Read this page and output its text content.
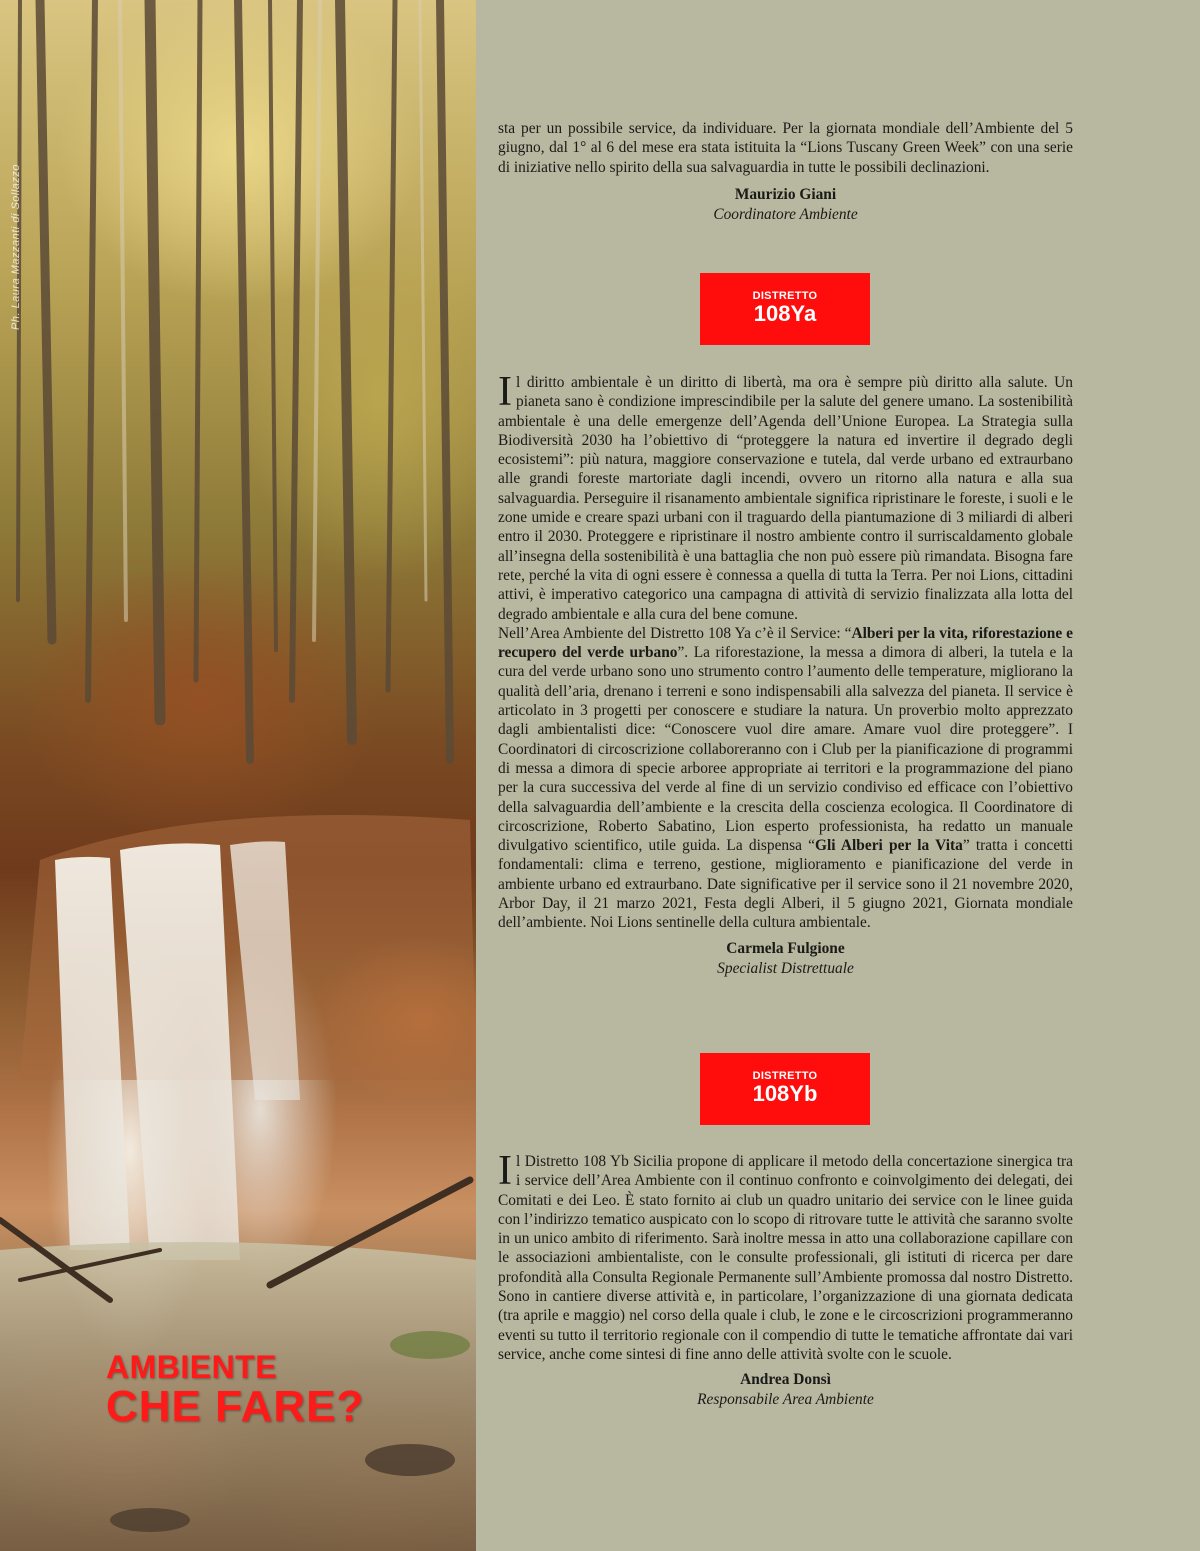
Ph. Laura Mazzanti di Sollazzo
AMBIENTE
CHE FARE?

sta per un possibile service, da individuare. Per la giornata mondiale dell’Ambiente del 5 giugno, dal 1° al 6 del mese era stata istituita la “Lions Tuscany Green Week” con una serie di iniziative nello spirito della sua salvaguardia in tutte le possibili declinazioni.

Maurizio Giani
Coordinatore Ambiente
DISTRETTO
108Ya

Il diritto ambientale è un diritto di libertà, ma ora è sempre più diritto alla salute. Un pianeta sano è condizione imprescindibile per la salute del genere umano. La sostenibilità ambientale è una delle emergenze dell’Agenda dell’Unione Europea. La Strategia sulla Biodiversità 2030 ha l’obiettivo di “proteggere la natura ed invertire il degrado degli ecosistemi”: più natura, maggiore conservazione e tutela, dal verde urbano ed extraurbano alle grandi foreste martoriate dagli incendi, ovvero un ritorno alla natura e alla sua salvaguardia. Perseguire il risanamento ambientale significa ripristinare le foreste, i suoli e le zone umide e creare spazi urbani con il traguardo della piantumazione di 3 miliardi di alberi entro il 2030. Proteggere e ripristinare il nostro ambiente contro il surriscaldamento globale all’insegna della sostenibilità è una battaglia che non può essere più rimandata. Bisogna fare rete, perché la vita di ogni essere è connessa a quella di tutta la Terra. Per noi Lions, cittadini attivi, è imperativo categorico una campagna di attività di servizio finalizzata alla lotta del degrado ambientale e alla cura del bene comune.

Nell’Area Ambiente del Distretto 108 Ya c’è il Service: “Alberi per la vita, riforestazione e recupero del verde urbano”. La riforestazione, la messa a dimora di alberi, la tutela e la cura del verde urbano sono uno strumento contro l’aumento delle temperature, migliorano la qualità dell’aria, drenano i terreni e sono indispensabili alla salvezza del pianeta. Il service è articolato in 3 progetti per conoscere e studiare la natura. Un proverbio molto apprezzato dagli ambientalisti dice: “Conoscere vuol dire amare. Amare vuol dire proteggere”. I Coordinatori di circoscrizione collaboreranno con i Club per la pianificazione di programmi di messa a dimora di specie arboree appropriate ai territori e la programmazione del piano per la cura successiva del verde al fine di un servizio condiviso ed efficace con l’obiettivo della salvaguardia dell’ambiente e la crescita della coscienza ecologica. Il Coordinatore di circoscrizione, Roberto Sabatino, Lion esperto professionista, ha redatto un manuale divulgativo scientifico, utile guida. La dispensa “Gli Alberi per la Vita” tratta i concetti fondamentali: clima e terreno, gestione, miglioramento e pianificazione del verde in ambiente urbano ed extraurbano. Date significative per il service sono il 21 novembre 2020, Arbor Day, il 21 marzo 2021, Festa degli Alberi, il 5 giugno 2021, Giornata mondiale dell’ambiente. Noi Lions sentinelle della cultura ambientale.

Carmela Fulgione
Specialist Distrettuale
DISTRETTO
108Yb

Il Distretto 108 Yb Sicilia propone di applicare il metodo della concertazione sinergica tra i service dell’Area Ambiente con il continuo confronto e coinvolgimento dei delegati, dei Comitati e dei Leo. È stato fornito ai club un quadro unitario dei service con le linee guida con l’indirizzo tematico auspicato con lo scopo di ritrovare tutte le attività che saranno svolte in un unico ambito di riferimento. Sarà inoltre messa in atto una collaborazione capillare con le associazioni ambientaliste, con le consulte professionali, gli istituti di ricerca per dare profondità alla Consulta Regionale Permanente sull’Ambiente promossa dal nostro Distretto. Sono in cantiere diverse attività e, in particolare, l’organizzazione di una giornata dedicata (tra aprile e maggio) nel corso della quale i club, le zone e le circoscrizioni programmeranno eventi su tutto il territorio regionale con il compendio di tutte le tematiche affrontate dai vari service, anche come sintesi di fine anno delle attività svolte con le scuole.

Andrea Donsì
Responsabile Area Ambiente
